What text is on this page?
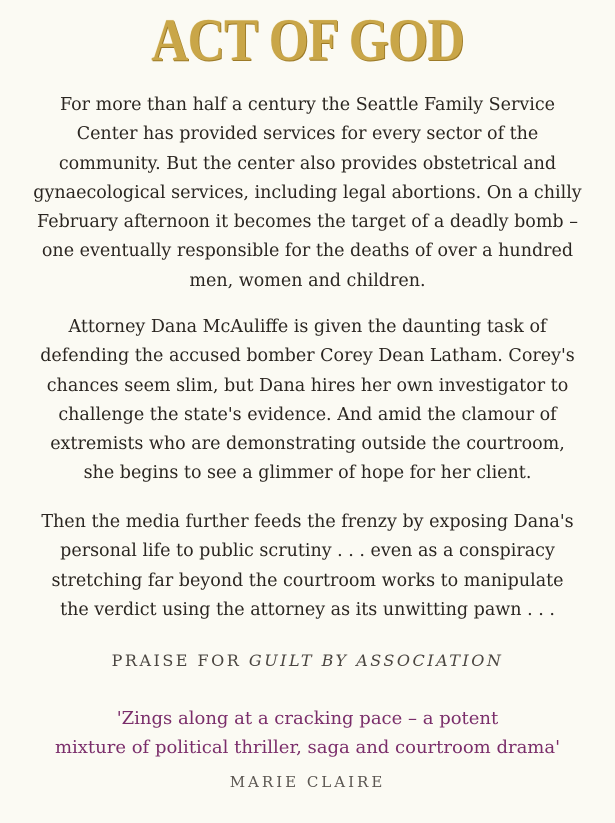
ACT OF GOD

For more than half a century the Seattle Family Service
Center has provided services for every sector of the
community. But the center also provides obstetrical and
gynaecological services, including legal abortions. On a chilly
February afternoon it becomes the target of a deadly bomb –
one eventually responsible for the deaths of over a hundred
men, women and children.

Attorney Dana McAuliffe is given the daunting task of
defending the accused bomber Corey Dean Latham. Corey's
chances seem slim, but Dana hires her own investigator to
challenge the state's evidence. And amid the clamour of
extremists who are demonstrating outside the courtroom,
she begins to see a glimmer of hope for her client.

Then the media further feeds the frenzy by exposing Dana's
personal life to public scrutiny . . . even as a conspiracy
stretching far beyond the courtroom works to manipulate
the verdict using the attorney as its unwitting pawn . . .

PRAISE FOR GUILT BY ASSOCIATION

'Zings along at a cracking pace – a potent
mixture of political thriller, saga and courtroom drama'

MARIE CLAIRE
